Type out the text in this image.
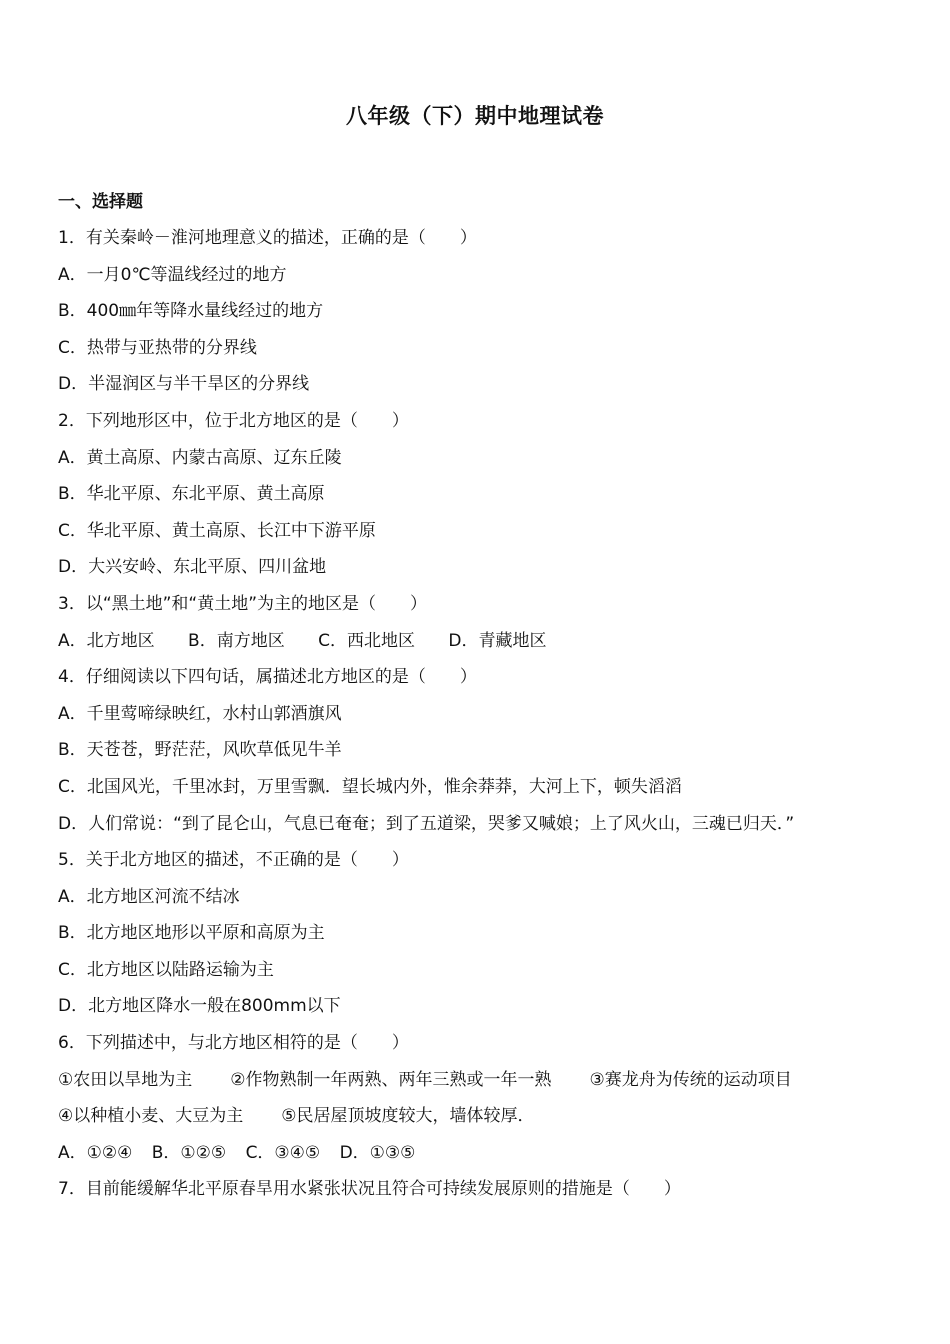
八年级（下）期中地理试卷
一、选择题
1．有关秦岭－淮河地理意义的描述，正确的是（　　）
A．一月0℃等温线经过的地方
B．400㎜年等降水量线经过的地方
C．热带与亚热带的分界线
D．半湿润区与半干旱区的分界线
2．下列地形区中，位于北方地区的是（　　）
A．黄土高原、内蒙古高原、辽东丘陵
B．华北平原、东北平原、黄土高原
C．华北平原、黄土高原、长江中下游平原
D．大兴安岭、东北平原、四川盆地
3．以“黑土地”和“黄土地”为主的地区是（　　）
A．北方地区 B．南方地区 C．西北地区 D．青藏地区
4．仔细阅读以下四句话，属描述北方地区的是（　　）
A．千里莺啼绿映红，水村山郭酒旗风
B．天苍苍，野茫茫，风吹草低见牛羊
C．北国风光，千里冰封，万里雪飘．望长城内外，惟余莽莽，大河上下，顿失滔滔
D．人们常说：“到了昆仑山，气息已奄奄；到了五道梁，哭爹又喊娘；上了风火山，三魂已归天．”
5．关于北方地区的描述，不正确的是（　　）
A．北方地区河流不结冰
B．北方地区地形以平原和高原为主
C．北方地区以陆路运输为主
D．北方地区降水一般在800mm以下
6．下列描述中，与北方地区相符的是（　　）
①农田以旱地为主 ②作物熟制一年两熟、两年三熟或一年一熟 ③赛龙舟为传统的运动项目
④以种植小麦、大豆为主 ⑤民居屋顶坡度较大，墙体较厚．
A．①②④ B．①②⑤ C．③④⑤ D．①③⑤
7．目前能缓解华北平原春旱用水紧张状况且符合可持续发展原则的措施是（　　）
